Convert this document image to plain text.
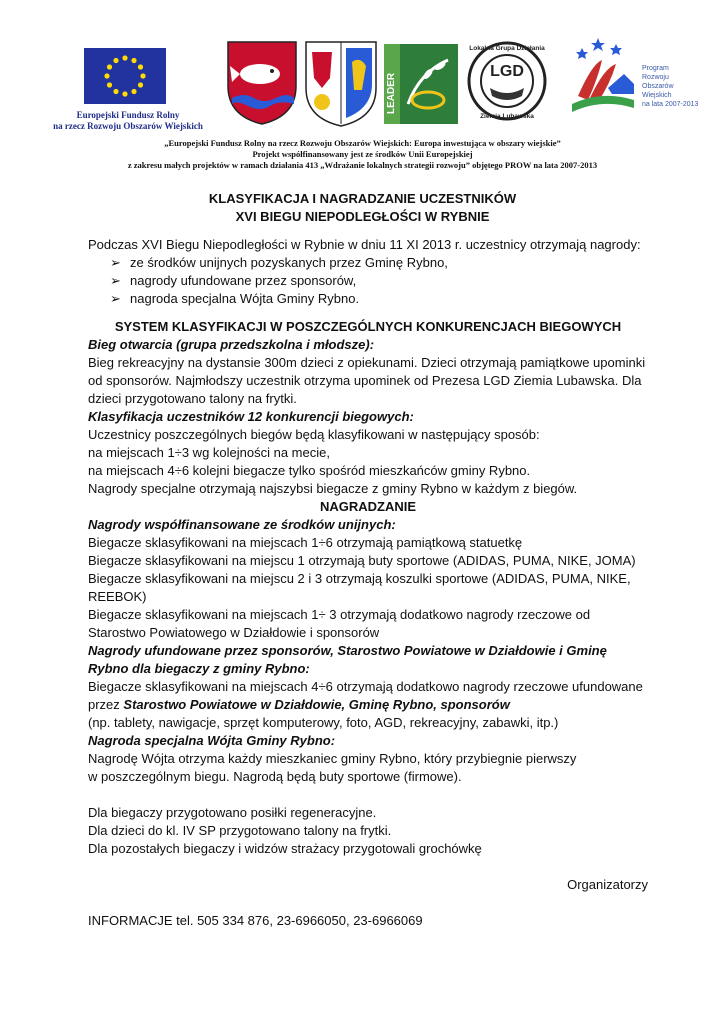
Europejski Fundusz Rolny
na rzecz Rozwoju Obszarów Wiejskich
LEADER
LGD
Lokalna Grupa Działania
Ziemia Lubawska
Program
Rozwoju
Obszarów
Wiejskich
na lata 2007-2013
„Europejski Fundusz Rolny na rzecz Rozwoju Obszarów Wiejskich: Europa inwestująca w obszary wiejskie”
Projekt współfinansowany jest ze środków Unii Europejskiej
z zakresu małych projektów w ramach działania 413 „Wdrażanie lokalnych strategii rozwoju” objętego PROW na lata 2007-2013
KLASYFIKACJA I NAGRADZANIE UCZESTNIKÓW
XVI BIEGU NIEPODLEGŁOŚCI W RYBNIE

Podczas XVI Biegu Niepodległości w Rybnie w dniu 11 XI 2013 r. uczestnicy otrzymają nagrody:

➢ ze środków unijnych pozyskanych przez Gminę Rybno,
➢ nagrody ufundowane przez sponsorów,
➢ nagroda specjalna Wójta Gminy Rybno.

SYSTEM KLASYFIKACJI W POSZCZEGÓLNYCH KONKURENCJACH BIEGOWYCH

Bieg otwarcia (grupa przedszkolna i młodsze):

Bieg rekreacyjny na dystansie 300m dzieci z opiekunami. Dzieci otrzymają pamiątkowe upominki od sponsorów. Najmłodszy uczestnik otrzyma upominek od Prezesa LGD Ziemia Lubawska. Dla dzieci przygotowano talony na frytki.

Klasyfikacja uczestników 12 konkurencji biegowych:

Uczestnicy poszczególnych biegów będą klasyfikowani w następujący sposób:

na miejscach 1÷3 wg kolejności na mecie,

na miejscach 4÷6 kolejni biegacze tylko spośród mieszkańców gminy Rybno.

Nagrody specjalne otrzymają najszybsi biegacze z gminy Rybno w każdym z biegów.

NAGRADZANIE

Nagrody współfinansowane ze środków unijnych:

Biegacze sklasyfikowani na miejscach 1÷6 otrzymają pamiątkową statuetkę

Biegacze sklasyfikowani na miejscu 1 otrzymają buty sportowe (ADIDAS, PUMA, NIKE, JOMA)

Biegacze sklasyfikowani na miejscu 2 i 3 otrzymają koszulki sportowe (ADIDAS, PUMA, NIKE, REEBOK)

Biegacze sklasyfikowani na miejscach 1÷ 3 otrzymają dodatkowo nagrody rzeczowe od Starostwo Powiatowego w Działdowie i sponsorów

Nagrody ufundowane przez sponsorów, Starostwo Powiatowe w Działdowie i Gminę Rybno dla biegaczy z gminy Rybno:

Biegacze sklasyfikowani na miejscach 4÷6 otrzymają dodatkowo nagrody rzeczowe ufundowane przez Starostwo Powiatowe w Działdowie, Gminę Rybno, sponsorów

(np. tablety, nawigacje, sprzęt komputerowy, foto, AGD, rekreacyjny, zabawki, itp.)

Nagroda specjalna Wójta Gminy Rybno:

Nagrodę Wójta otrzyma każdy mieszkaniec gminy Rybno, który przybiegnie pierwszy

w poszczególnym biegu. Nagrodą będą buty sportowe (firmowe).

Dla biegaczy przygotowano posiłki regeneracyjne.

Dla dzieci do kl. IV SP przygotowano talony na frytki.

Dla pozostałych biegaczy i widzów strażacy przygotowali grochówkę

Organizatorzy

INFORMACJE tel. 505 334 876, 23-6966050, 23-6966069
